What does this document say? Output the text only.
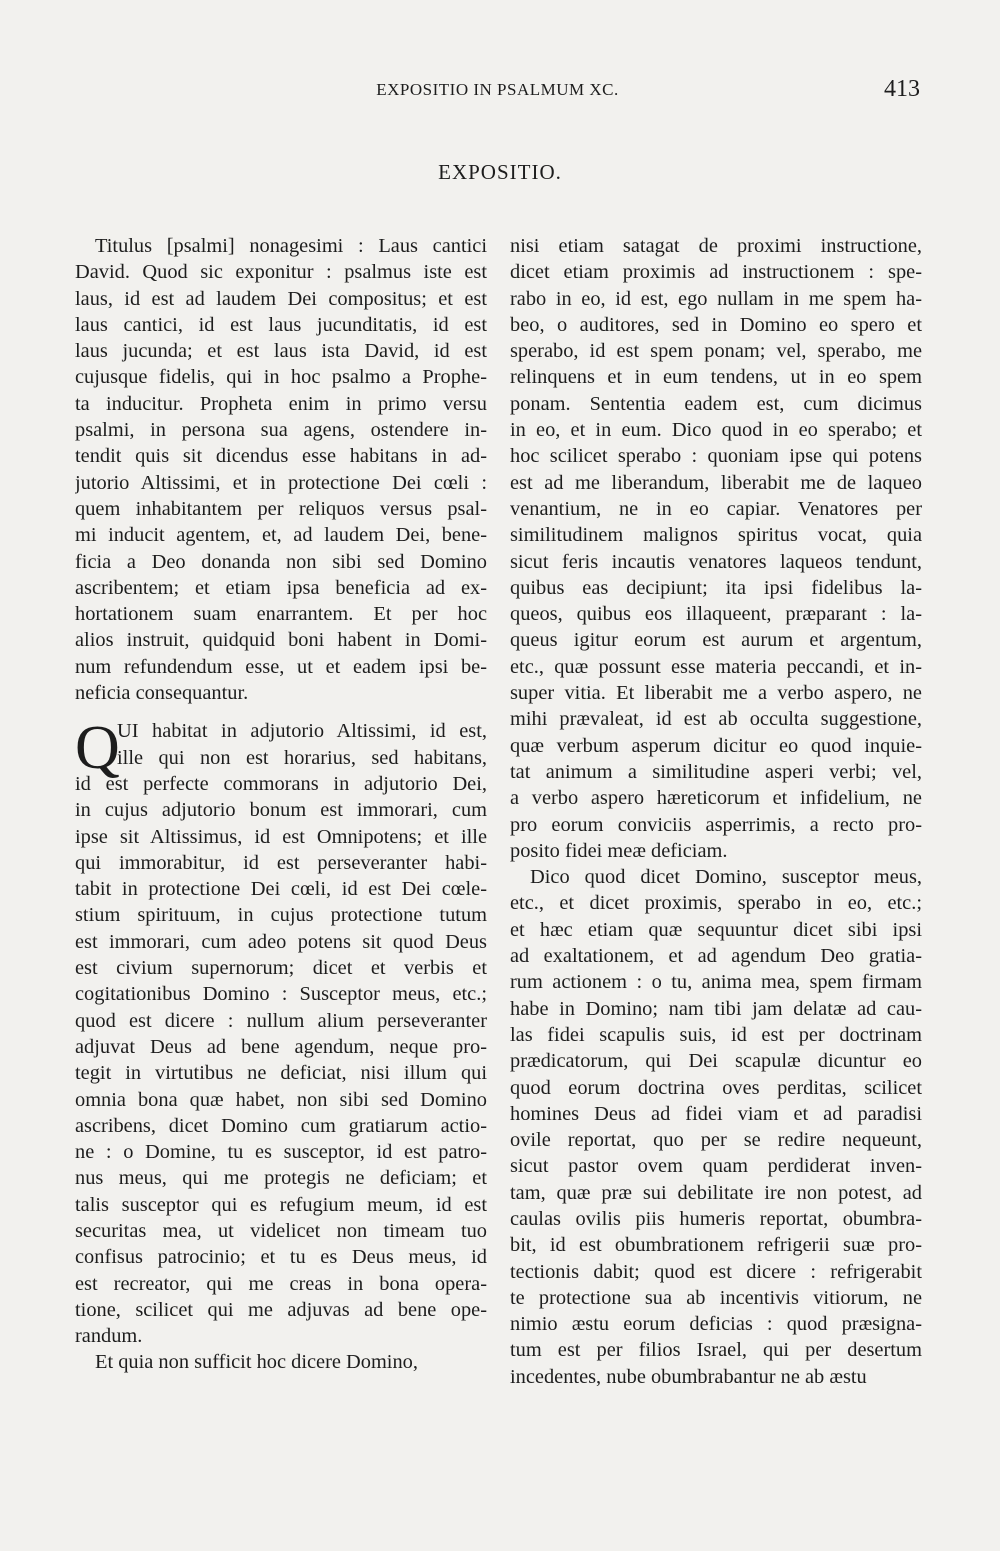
EXPOSITIO IN PSALMUM XC.	413
EXPOSITIO.
Q
Titulus [psalmi] nonagesimi : Laus cantici
David. Quod sic exponitur : psalmus iste est
laus, id est ad laudem Dei compositus; et est
laus cantici, id est laus jucunditatis, id est
laus jucunda; et est laus ista David, id est
cujusque fidelis, qui in hoc psalmo a Prophe-
ta inducitur. Propheta enim in primo versu
psalmi, in persona sua agens, ostendere in-
tendit quis sit dicendus esse habitans in ad-
jutorio Altissimi, et in protectione Dei cœli :
quem inhabitantem per reliquos versus psal-
mi inducit agentem, et, ad laudem Dei, bene-
ficia a Deo donanda non sibi sed Domino
ascribentem; et etiam ipsa beneficia ad ex-
hortationem suam enarrantem. Et per hoc
alios instruit, quidquid boni habent in Domi-
num refundendum esse, ut et eadem ipsi be-
neficia consequantur.
UI habitat in adjutorio Altissimi, id est,
ille qui non est horarius, sed habitans,
id est perfecte commorans in adjutorio Dei,
in cujus adjutorio bonum est immorari, cum
ipse sit Altissimus, id est Omnipotens; et ille
qui immorabitur, id est perseveranter habi-
tabit in protectione Dei cœli, id est Dei cœle-
stium spirituum, in cujus protectione tutum
est immorari, cum adeo potens sit quod Deus
est civium supernorum; dicet et verbis et
cogitationibus Domino : Susceptor meus, etc.;
quod est dicere : nullum alium perseveranter
adjuvat Deus ad bene agendum, neque pro-
tegit in virtutibus ne deficiat, nisi illum qui
omnia bona quæ habet, non sibi sed Domino
ascribens, dicet Domino cum gratiarum actio-
ne : o Domine, tu es susceptor, id est patro-
nus meus, qui me protegis ne deficiam; et
talis susceptor qui es refugium meum, id est
securitas mea, ut videlicet non timeam tuo
confisus patrocinio; et tu es Deus meus, id
est recreator, qui me creas in bona opera-
tione, scilicet qui me adjuvas ad bene ope-
randum.
Et quia non sufficit hoc dicere Domino,
nisi etiam satagat de proximi instructione,
dicet etiam proximis ad instructionem : spe-
rabo in eo, id est, ego nullam in me spem ha-
beo, o auditores, sed in Domino eo spero et
sperabo, id est spem ponam; vel, sperabo, me
relinquens et in eum tendens, ut in eo spem
ponam. Sententia eadem est, cum dicimus
in eo, et in eum. Dico quod in eo sperabo; et
hoc scilicet sperabo : quoniam ipse qui potens
est ad me liberandum, liberabit me de laqueo
venantium, ne in eo capiar. Venatores per
similitudinem malignos spiritus vocat, quia
sicut feris incautis venatores laqueos tendunt,
quibus eas decipiunt; ita ipsi fidelibus la-
queos, quibus eos illaqueent, præparant : la-
queus igitur eorum est aurum et argentum,
etc., quæ possunt esse materia peccandi, et in-
super vitia. Et liberabit me a verbo aspero, ne
mihi prævaleat, id est ab occulta suggestione,
quæ verbum asperum dicitur eo quod inquie-
tat animum a similitudine asperi verbi; vel,
a verbo aspero hæreticorum et infidelium, ne
pro eorum conviciis asperrimis, a recto pro-
posito fidei meæ deficiam.
Dico quod dicet Domino, susceptor meus,
etc., et dicet proximis, sperabo in eo, etc.;
et hæc etiam quæ sequuntur dicet sibi ipsi
ad exaltationem, et ad agendum Deo gratia-
rum actionem : o tu, anima mea, spem firmam
habe in Domino; nam tibi jam delatæ ad cau-
las fidei scapulis suis, id est per doctrinam
prædicatorum, qui Dei scapulæ dicuntur eo
quod eorum doctrina oves perditas, scilicet
homines Deus ad fidei viam et ad paradisi
ovile reportat, quo per se redire nequeunt,
sicut pastor ovem quam perdiderat inven-
tam, quæ præ sui debilitate ire non potest, ad
caulas ovilis piis humeris reportat, obumbra-
bit, id est obumbrationem refrigerii suæ pro-
tectionis dabit; quod est dicere : refrigerabit
te protectione sua ab incentivis vitiorum, ne
nimio æstu eorum deficias : quod præsigna-
tum est per filios Israel, qui per desertum
incedentes, nube obumbrabantur ne ab æstu
